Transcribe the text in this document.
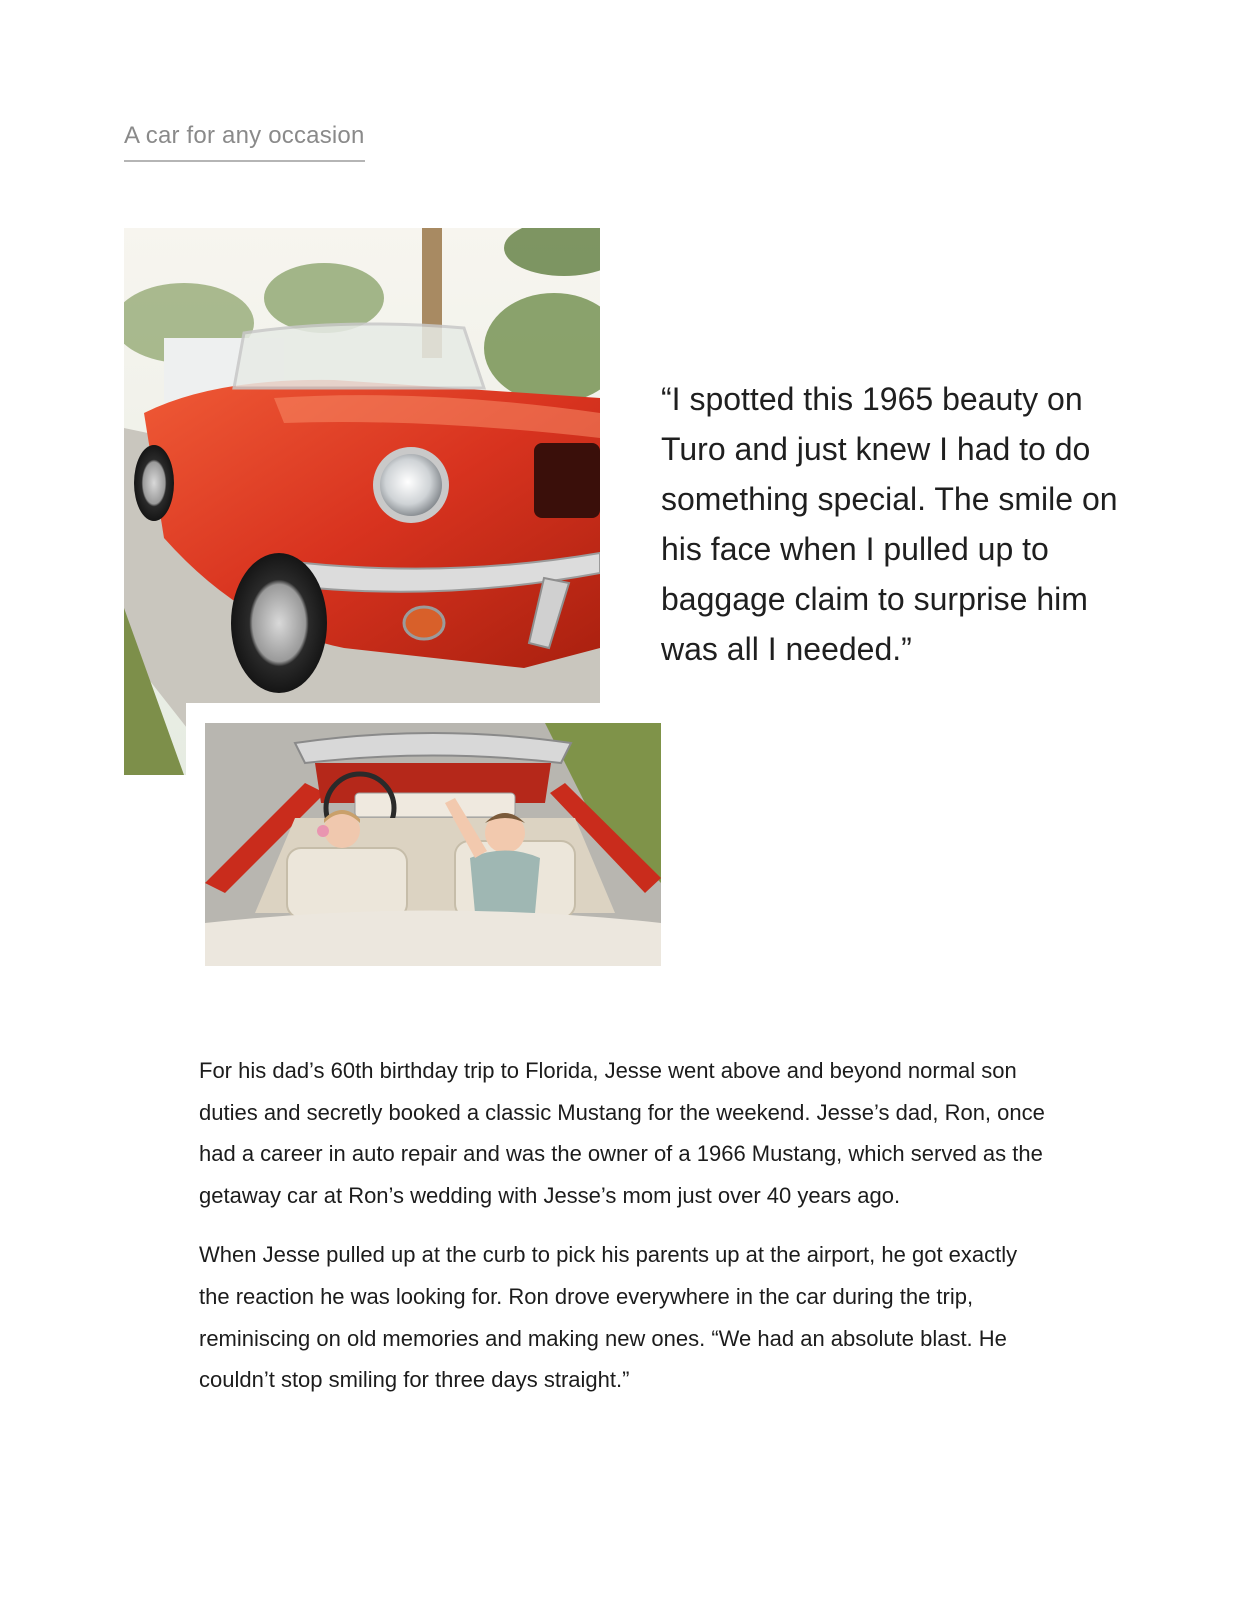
A car for any occasion

“I spotted this 1965 beauty on Turo and just knew I had to do something special. The smile on his face when I pulled up to baggage claim to surprise him was all I needed.”

For his dad’s 60th birthday trip to Florida, Jesse went above and beyond normal son duties and secretly booked a classic Mustang for the weekend. Jesse’s dad, Ron, once had a career in auto repair and was the owner of a 1966 Mustang, which served as the getaway car at Ron’s wedding with Jesse’s mom just over 40 years ago.

When Jesse pulled up at the curb to pick his parents up at the airport, he got exactly the reaction he was looking for. Ron drove everywhere in the car during the trip, reminiscing on old memories and making new ones. “We had an absolute blast. He couldn’t stop smiling for three days straight.”
